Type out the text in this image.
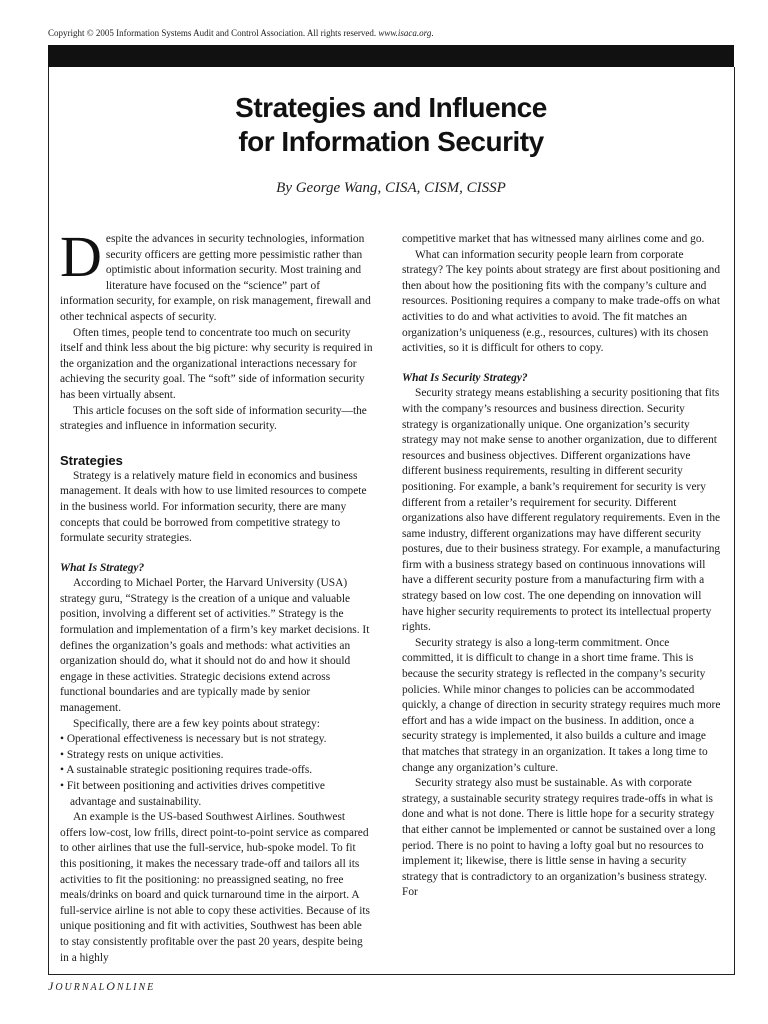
Copyright © 2005 Information Systems Audit and Control Association. All rights reserved. www.isaca.org.
Strategies and Influence
for Information Security
By George Wang, CISA, CISM, CISSP

Despite the advances in security technologies, information security officers are getting more pessimistic rather than optimistic about information security. Most training and literature have focused on the “science” part of information security, for example, on risk management, firewall and other technical aspects of security.

Often times, people tend to concentrate too much on security itself and think less about the big picture: why security is required in the organization and the organizational interactions necessary for achieving the security goal. The “soft” side of information security has been virtually absent.

This article focuses on the soft side of information security—the strategies and influence in information security.

Strategies

Strategy is a relatively mature field in economics and business management. It deals with how to use limited resources to compete in the business world. For information security, there are many concepts that could be borrowed from competitive strategy to formulate security strategies.

What Is Strategy?

According to Michael Porter, the Harvard University (USA) strategy guru, “Strategy is the creation of a unique and valuable position, involving a different set of activities.” Strategy is the formulation and implementation of a firm’s key market decisions. It defines the organization’s goals and methods: what activities an organization should do, what it should not do and how it should engage in these activities. Strategic decisions extend across functional boundaries and are typically made by senior management.

Specifically, there are a few key points about strategy:

• Operational effectiveness is necessary but is not strategy.
• Strategy rests on unique activities.
• A sustainable strategic positioning requires trade-offs.
• Fit between positioning and activities drives competitive advantage and sustainability.

An example is the US-based Southwest Airlines. Southwest offers low-cost, low frills, direct point-to-point service as compared to other airlines that use the full-service, hub-spoke model. To fit this positioning, it makes the necessary trade-off and tailors all its activities to fit the positioning: no preassigned seating, no free meals/drinks on board and quick turnaround time in the airport. A full-service airline is not able to copy these activities. Because of its unique positioning and fit with activities, Southwest has been able to stay consistently profitable over the past 20 years, despite being in a highly

competitive market that has witnessed many airlines come and go.

What can information security people learn from corporate strategy? The key points about strategy are first about positioning and then about how the positioning fits with the company’s culture and resources. Positioning requires a company to make trade-offs on what activities to do and what activities to avoid. The fit matches an organization’s uniqueness (e.g., resources, cultures) with its chosen activities, so it is difficult for others to copy.

What Is Security Strategy?

Security strategy means establishing a security positioning that fits with the company’s resources and business direction. Security strategy is organizationally unique. One organization’s security strategy may not make sense to another organization, due to different resources and business objectives. Different organizations have different business requirements, resulting in different security positioning. For example, a bank’s requirement for security is very different from a retailer’s requirement for security. Different organizations also have different regulatory requirements. Even in the same industry, different organizations may have different security postures, due to their business strategy. For example, a manufacturing firm with a business strategy based on continuous innovations will have a different security posture from a manufacturing firm with a strategy based on low cost. The one depending on innovation will have higher security requirements to protect its intellectual property rights.

Security strategy is also a long-term commitment. Once committed, it is difficult to change in a short time frame. This is because the security strategy is reflected in the company’s security policies. While minor changes to policies can be accommodated quickly, a change of direction in security strategy requires much more effort and has a wide impact on the business. In addition, once a security strategy is implemented, it also builds a culture and image that matches that strategy in an organization. It takes a long time to change any organization’s culture.

Security strategy also must be sustainable. As with corporate strategy, a sustainable security strategy requires trade-offs in what is done and what is not done. There is little hope for a security strategy that either cannot be implemented or cannot be sustained over a long period. There is no point to having a lofty goal but no resources to implement it; likewise, there is little sense in having a security strategy that is contradictory to an organization’s business strategy. For

JOURNALONLINE
